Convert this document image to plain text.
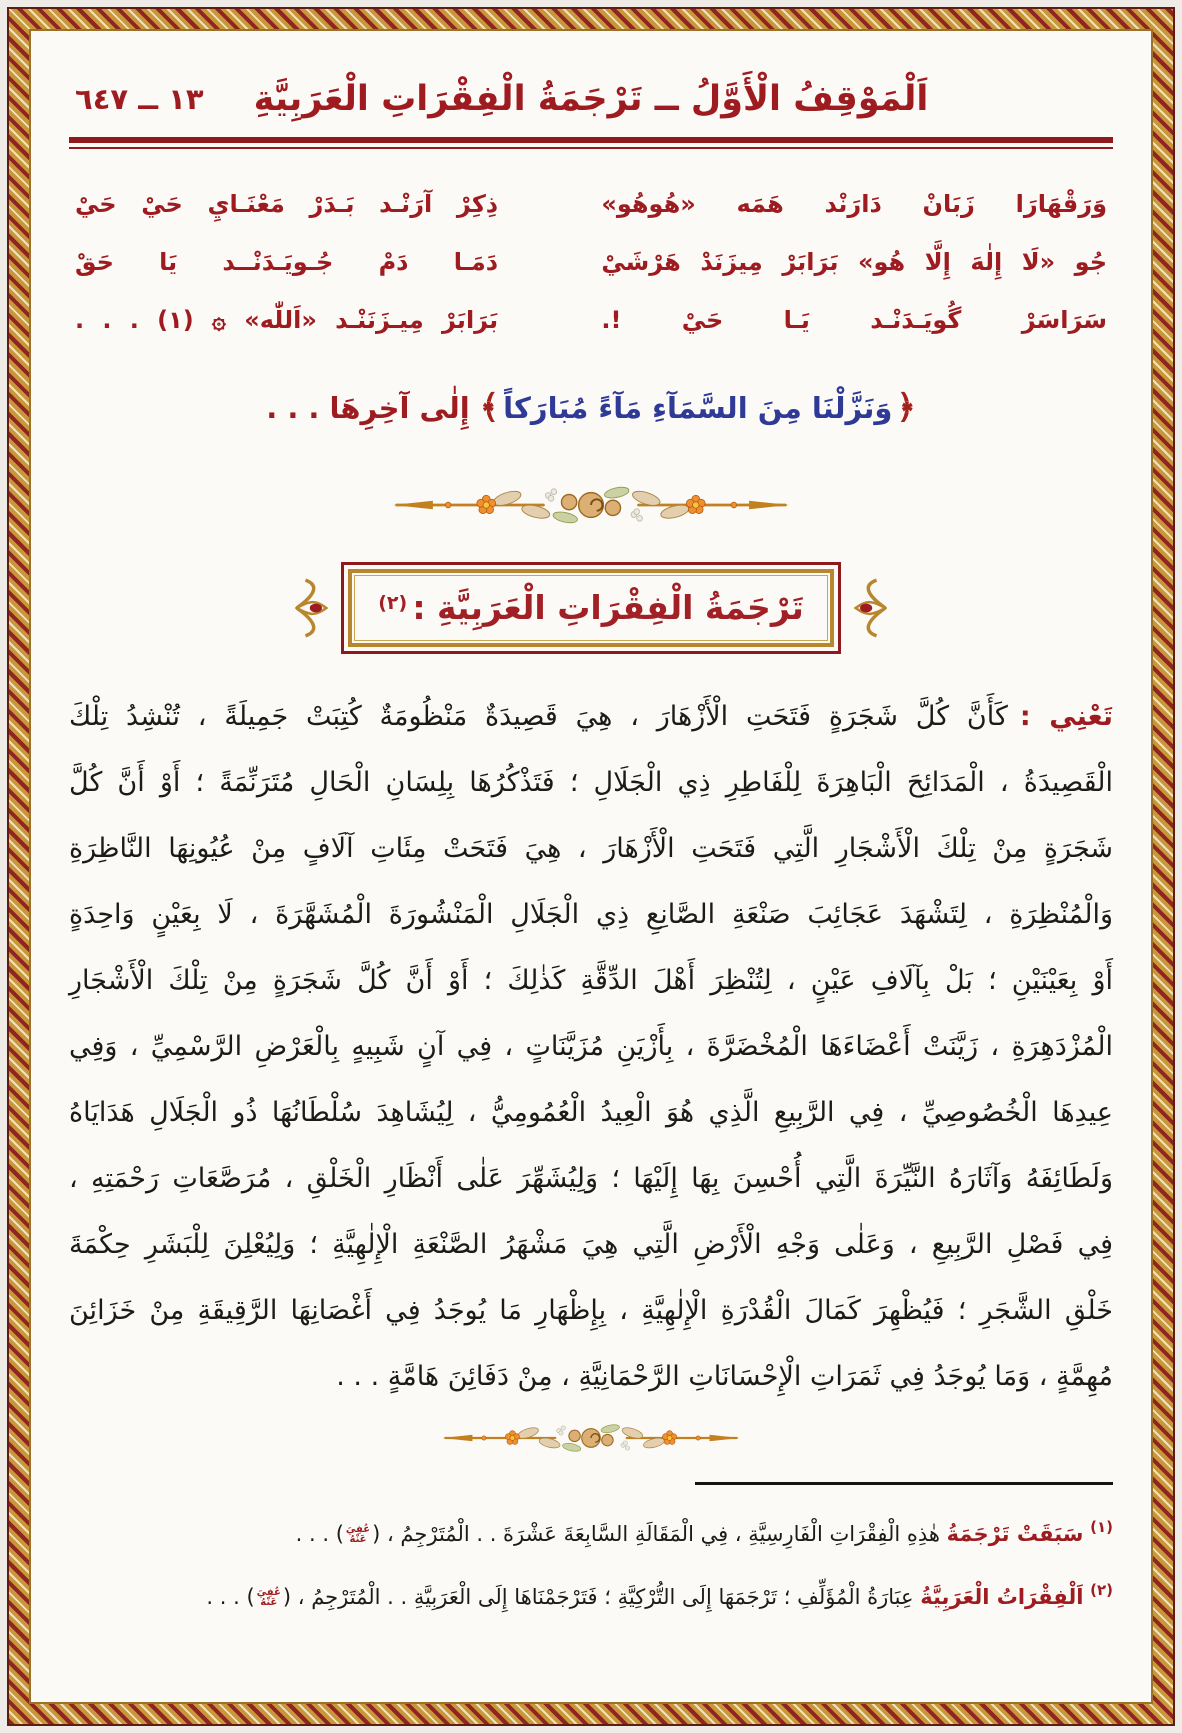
١٣ ــ ٦٤٧ اَلْمَوْقِفُ الْأَوَّلُ ــ تَرْجَمَةُ الْفِقْرَاتِ الْعَرَبِيَّةِ
وَرَقْهَارَا زَبَانْ دَارَنْد هَمَه «هُوهُو»
ذِكِرْ آرَنْـد بَـدَرْ مَعْنَـايِ حَيْ حَيْ
جُو «لَا إِلٰهَ إِلَّا هُو» بَرَابَرْ مِيزَنَدْ هَرْشَيْ
دَمَـا دَمْ جُـويَـدَنْــد يَا حَقْ
سَرَاسَرْ گُويَـدَنْـد يَـا حَيْ !.
بَرَابَرْ مِيـزَنَنْـد «اَللّٰه» ۞ (١) . . .
﴿وَنَزَّلْنَا مِنَ السَّمَآءِ مَآءً مُبَارَكاً﴾ إِلٰى آخِرِهَا . . .
تَرْجَمَةُ الْفِقْرَاتِ الْعَرَبِيَّةِ : (٢)
تَعْنِي :كَأَنَّ كُلَّ شَجَرَةٍ فَتَحَتِ الْأَزْهَارَ ، هِيَ قَصِيدَةٌ مَنْظُومَةٌ كُتِبَتْ جَمِيلَةً ، تُنْشِدُ تِلْكَ
الْقَصِيدَةُ ، الْمَدَائِحَ الْبَاهِرَةَ لِلْفَاطِرِ ذِي الْجَلَالِ ؛ فَتَذْكُرُهَا بِلِسَانِ الْحَالِ مُتَرَنِّمَةً ؛ أَوْ أَنَّ كُلَّ
شَجَرَةٍ مِنْ تِلْكَ الْأَشْجَارِ الَّتِي فَتَحَتِ الْأَزْهَارَ ، هِيَ فَتَحَتْ مِئَاتِ آلَافٍ مِنْ عُيُونِهَا النَّاظِرَةِ
وَالْمُنْظِرَةِ ، لِتَشْهَدَ عَجَائِبَ صَنْعَةِ الصَّانِعِ ذِي الْجَلَالِ الْمَنْشُورَةَ الْمُشَهَّرَةَ ، لَا بِعَيْنٍ وَاحِدَةٍ
أَوْ بِعَيْنَيْنِ ؛ بَلْ بِآلَافِ عَيْنٍ ، لِتُنْظِرَ أَهْلَ الدِّقَّةِ كَذٰلِكَ ؛ أَوْ أَنَّ كُلَّ شَجَرَةٍ مِنْ تِلْكَ الْأَشْجَارِ
الْمُزْدَهِرَةِ ، زَيَّنَتْ أَعْضَاءَهَا الْمُخْضَرَّةَ ، بِأَزْيَنِ مُزَيَّنَاتٍ ، فِي آنٍ شَبِيهٍ بِالْعَرْضِ الرَّسْمِيِّ ، وَفِي
عِيدِهَا الْخُصُوصِيِّ ، فِي الرَّبِيعِ الَّذِي هُوَ الْعِيدُ الْعُمُومِيُّ ، لِيُشَاهِدَ سُلْطَانُهَا ذُو الْجَلَالِ هَدَايَاهُ
وَلَطَائِفَهُ وَآثَارَهُ النَّيِّرَةَ الَّتِي أُحْسِنَ بِهَا إِلَيْهَا ؛ وَلِيُشَهِّرَ عَلٰى أَنْظَارِ الْخَلْقِ ، مُرَصَّعَاتِ رَحْمَتِهِ ،
فِي فَصْلِ الرَّبِيعِ ، وَعَلٰى وَجْهِ الْأَرْضِ الَّتِي هِيَ مَشْهَرُ الصَّنْعَةِ الْإِلٰهِيَّةِ ؛ وَلِيُعْلِنَ لِلْبَشَرِ حِكْمَةَ
خَلْقِ الشَّجَرِ ؛ فَيُظْهِرَ كَمَالَ الْقُدْرَةِ الْإِلٰهِيَّةِ ، بِإِظْهَارِ مَا يُوجَدُ فِي أَغْصَانِهَا الرَّقِيقَةِ مِنْ خَزَائِنَ
مُهِمَّةٍ ، وَمَا يُوجَدُ فِي ثَمَرَاتِ الْإِحْسَانَاتِ الرَّحْمَانِيَّةِ ، مِنْ دَفَائِنَ هَامَّةٍ . . .
$^{(١)}$ سَبَقَتْ تَرْجَمَةُ هٰذِهِ الْفِقْرَاتِ الْفَارِسِيَّةِ ، فِي الْمَقَالَةِ السَّابِعَةَ عَشْرَةَ . . الْمُتَرْجِمُ ، (
عُفِيَ
عَنْهُ
) . . .
$^{(٢)}$ اَلْفِقْرَاتُ الْعَرَبِيَّةُ عِبَارَةُ الْمُؤَلِّفِ ؛ تَرْجَمَهَا إِلَى التُّرْكِيَّةِ ؛ فَتَرْجَمْنَاهَا إِلَى الْعَرَبِيَّةِ . . الْمُتَرْجِمُ ، (
عُفِيَ
عَنْهُ
) . . .
